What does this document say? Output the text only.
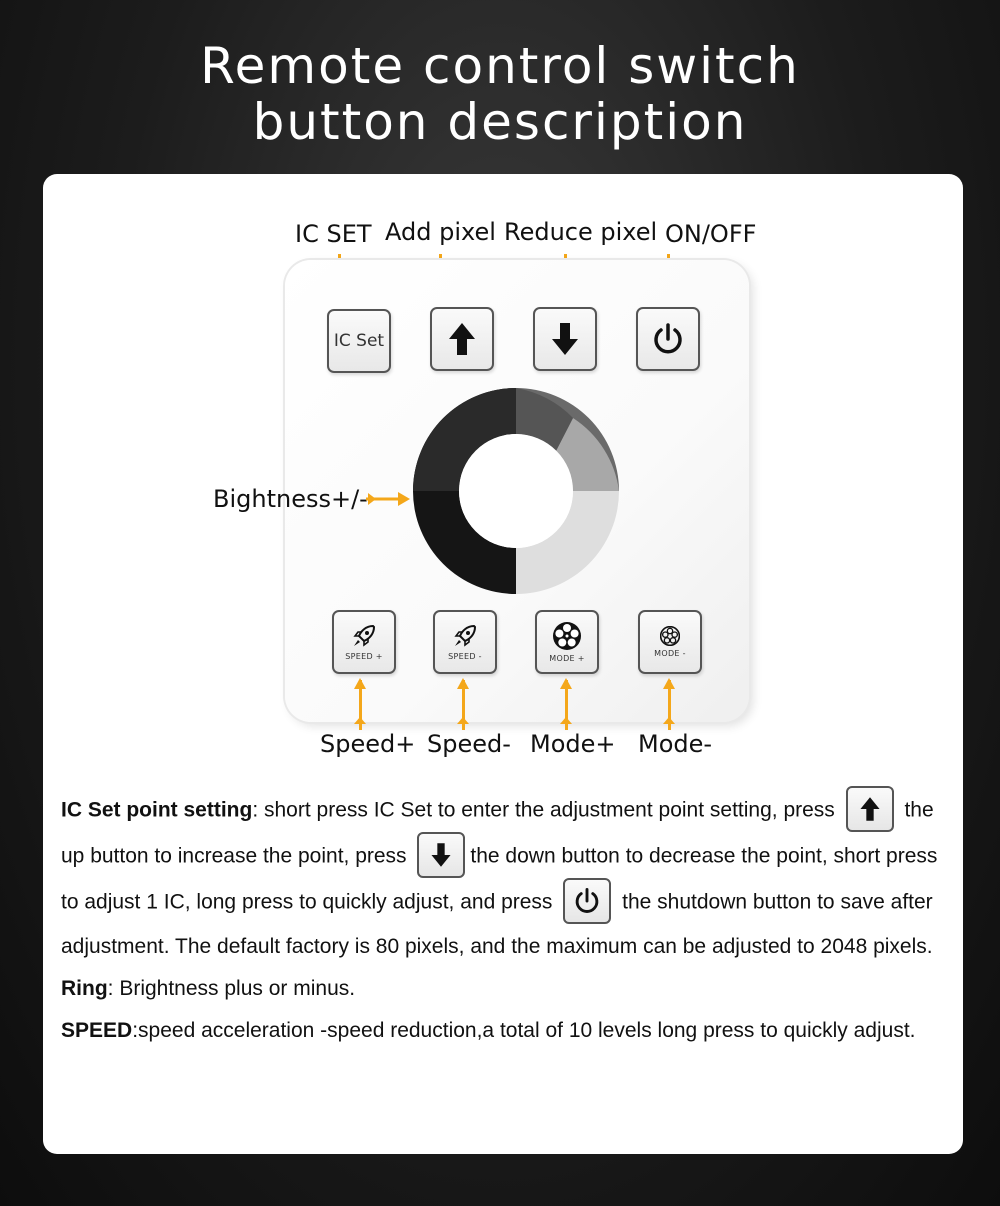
Remote control switch
button description
IC SET Add pixel Reduce pixel ON/OFF
IC Set
SPEED +	SPEED -	MODE +
MODE -
Bightness+/-
Speed+ Speed- Mode+ Mode-

IC Set point setting: short press IC Set to enter the adjustment point setting, press	the up button to increase the point, press	the down button to decrease the point, short press to adjust 1 IC, long press to quickly adjust, and press	the shutdown button to save after adjustment. The default factory is 80 pixels, and the maximum can be adjusted to 2048 pixels.

Ring: Brightness plus or minus.

SPEED:speed acceleration -speed reduction,a total of 10 levels long press to quickly adjust.
